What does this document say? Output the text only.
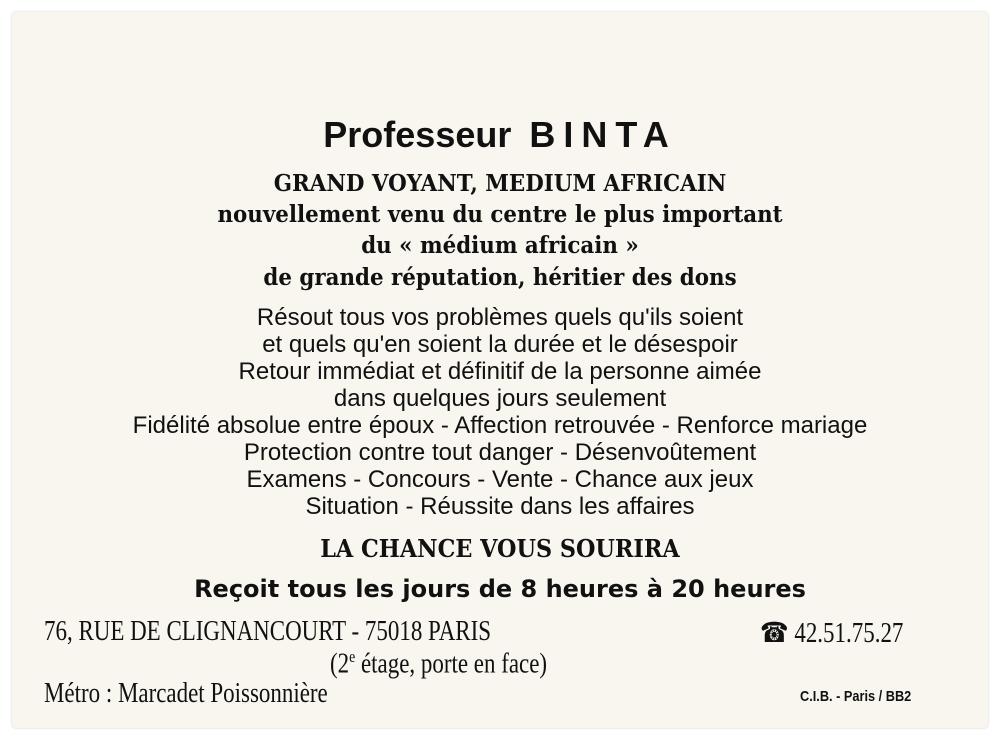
Professeur BINTA
GRAND VOYANT, MEDIUM AFRICAIN
nouvellement venu du centre le plus important
du « médium africain »
de grande réputation, héritier des dons
Résout tous vos problèmes quels qu'ils soient
et quels qu'en soient la durée et le désespoir
Retour immédiat et définitif de la personne aimée
dans quelques jours seulement
Fidélité absolue entre époux - Affection retrouvée - Renforce mariage
Protection contre tout danger - Désenvoûtement
Examens - Concours - Vente - Chance aux jeux
Situation - Réussite dans les affaires
LA CHANCE VOUS SOURIRA
Reçoit tous les jours de 8 heures à 20 heures
76, RUE DE CLIGNANCOURT - 75018 PARIS	☎ 42.51.75.27
(2e étage, porte en face)
Métro : Marcadet Poissonnière	C.I.B. - Paris / BB2
